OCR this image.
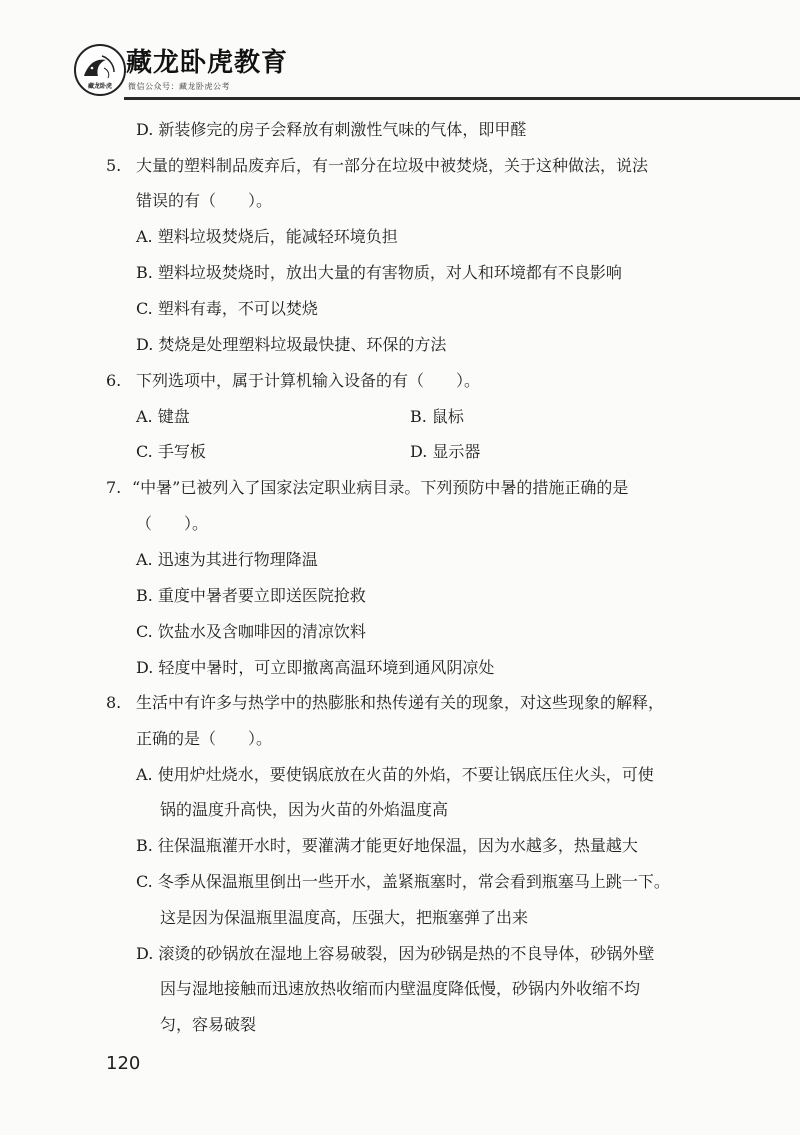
藏龙卧虎
藏龙卧虎教育
微信公众号：藏龙卧虎公考
D. 新装修完的房子会释放有刺激性气味的气体，即甲醛
5. 大量的塑料制品废弃后，有一部分在垃圾中被焚烧，关于这种做法，说法
错误的有（　　）。
A. 塑料垃圾焚烧后，能减轻环境负担
B. 塑料垃圾焚烧时，放出大量的有害物质，对人和环境都有不良影响
C. 塑料有毒，不可以焚烧
D. 焚烧是处理塑料垃圾最快捷、环保的方法
6. 下列选项中，属于计算机输入设备的有（　　）。
A. 键盘	B. 鼠标
C. 手写板	D. 显示器
7. “中暑”已被列入了国家法定职业病目录。下列预防中暑的措施正确的是
（　　）。
A. 迅速为其进行物理降温
B. 重度中暑者要立即送医院抢救
C. 饮盐水及含咖啡因的清凉饮料
D. 轻度中暑时，可立即撤离高温环境到通风阴凉处
8. 生活中有许多与热学中的热膨胀和热传递有关的现象，对这些现象的解释，
正确的是（　　）。
A. 使用炉灶烧水，要使锅底放在火苗的外焰，不要让锅底压住火头，可使
锅的温度升高快，因为火苗的外焰温度高
B. 往保温瓶灌开水时，要灌满才能更好地保温，因为水越多，热量越大
C. 冬季从保温瓶里倒出一些开水，盖紧瓶塞时，常会看到瓶塞马上跳一下。
这是因为保温瓶里温度高，压强大，把瓶塞弹了出来
D. 滚烫的砂锅放在湿地上容易破裂，因为砂锅是热的不良导体，砂锅外壁
因与湿地接触而迅速放热收缩而内壁温度降低慢，砂锅内外收缩不均
匀，容易破裂
120
